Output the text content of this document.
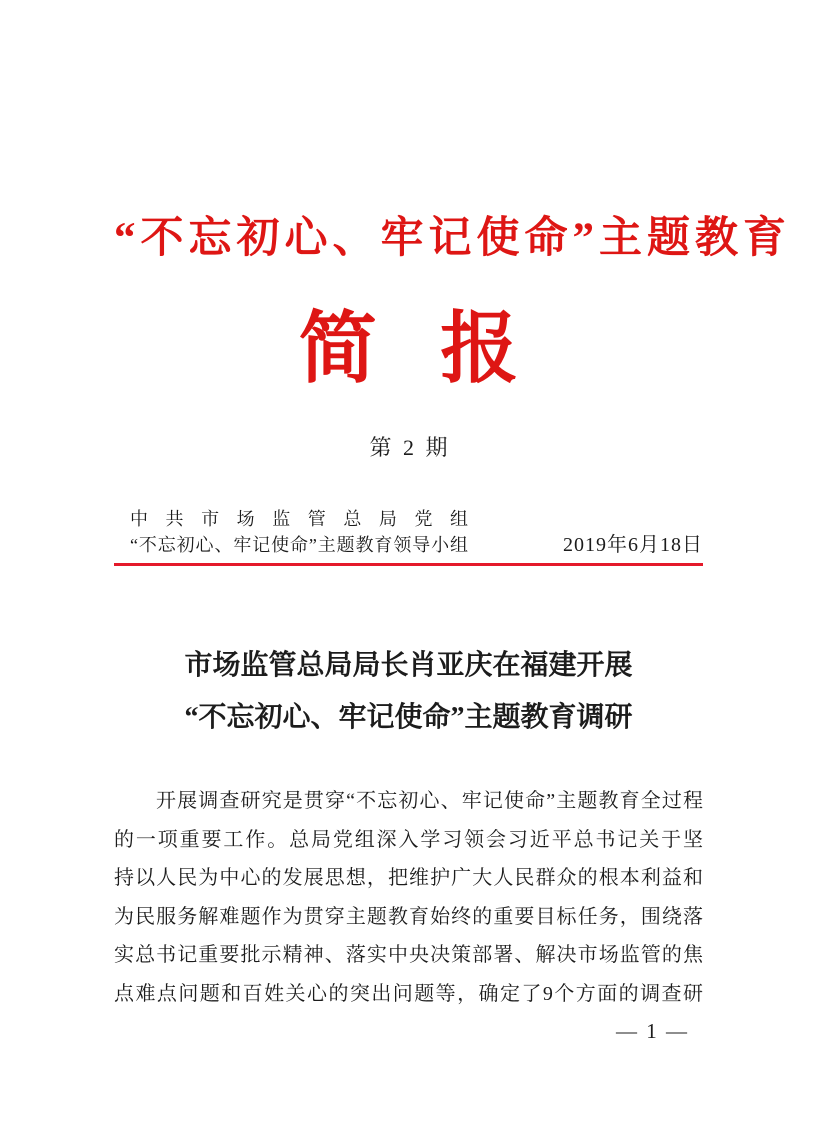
“不忘初心、牢记使命”主题教育
简 报
第 2 期
中共市场监管总局党组
“不忘初心、牢记使命”主题教育领导小组	2019年6月18日
市场监管总局局长肖亚庆在福建开展
“不忘初心、牢记使命”主题教育调研
开展调查研究是贯穿“不忘初心、牢记使命”主题教育全过程
的一项重要工作。总局党组深入学习领会习近平总书记关于坚
持以人民为中心的发展思想，把维护广大人民群众的根本利益和
为民服务解难题作为贯穿主题教育始终的重要目标任务，围绕落
实总书记重要批示精神、落实中央决策部署、解决市场监管的焦
点难点问题和百姓关心的突出问题等，确定了9个方面的调查研
— 1 —
